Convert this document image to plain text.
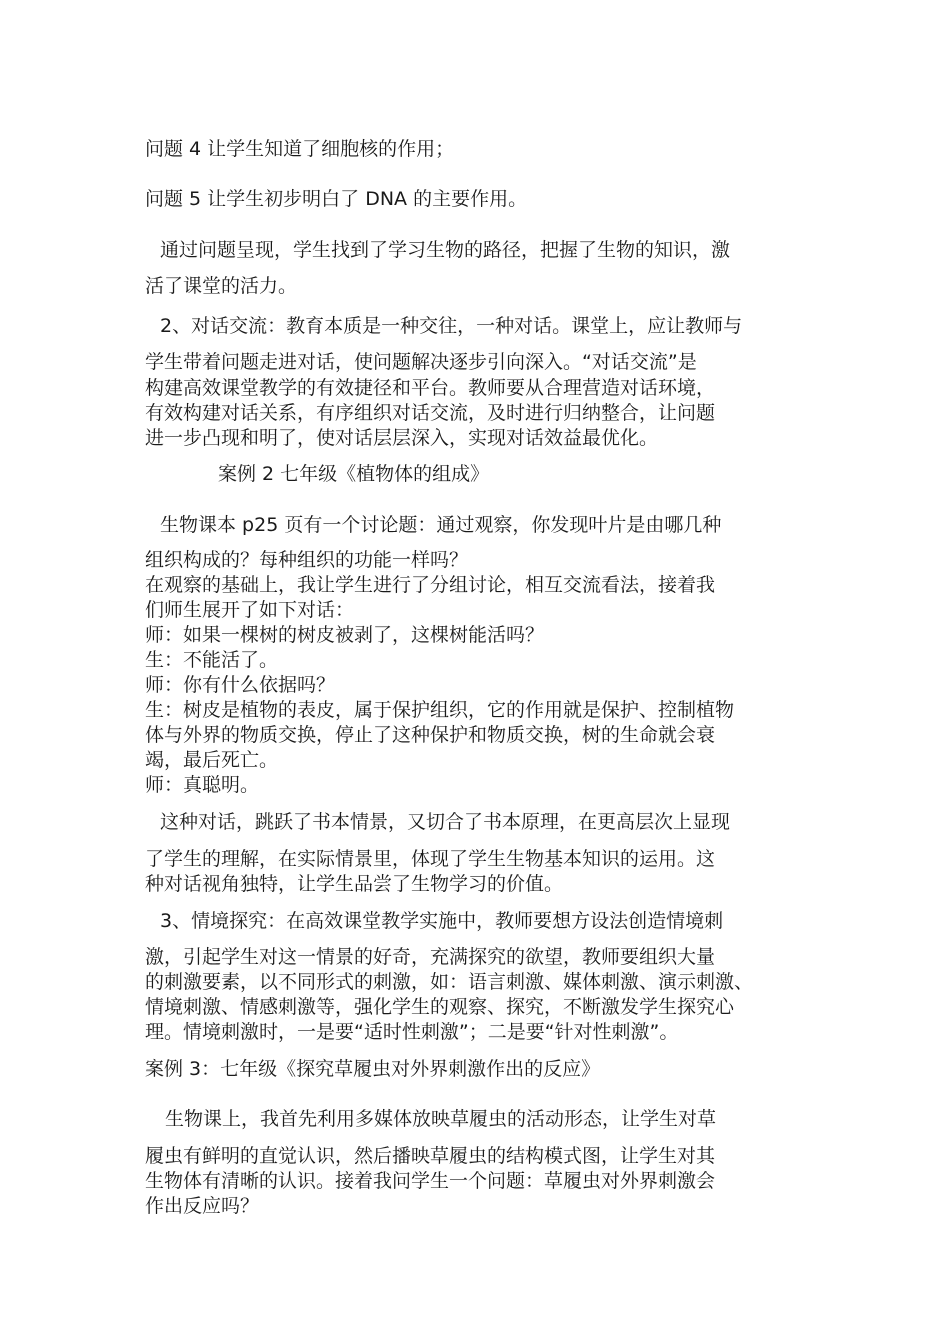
问题 4 让学生知道了细胞核的作用；
问题 5 让学生初步明白了 DNA 的主要作用。
通过问题呈现，学生找到了学习生物的路径，把握了生物的知识，激
活了课堂的活力。
2、对话交流：教育本质是一种交往，一种对话。课堂上，应让教师与
学生带着问题走进对话，使问题解决逐步引向深入。“对话交流”是
构建高效课堂教学的有效捷径和平台。教师要从合理营造对话环境，
有效构建对话关系，有序组织对话交流，及时进行归纳整合，让问题
进一步凸现和明了，使对话层层深入，实现对话效益最优化。
案例 2 七年级《植物体的组成》
生物课本 p25 页有一个讨论题：通过观察，你发现叶片是由哪几种
组织构成的？每种组织的功能一样吗？
在观察的基础上，我让学生进行了分组讨论，相互交流看法，接着我
们师生展开了如下对话：
师：如果一棵树的树皮被剥了，这棵树能活吗？
生：不能活了。
师：你有什么依据吗？
生：树皮是植物的表皮，属于保护组织，它的作用就是保护、控制植物
体与外界的物质交换，停止了这种保护和物质交换，树的生命就会衰
竭，最后死亡。
师：真聪明。
这种对话，跳跃了书本情景，又切合了书本原理，在更高层次上显现
了学生的理解，在实际情景里，体现了学生生物基本知识的运用。这
种对话视角独特，让学生品尝了生物学习的价值。
3、情境探究：在高效课堂教学实施中，教师要想方设法创造情境刺
激，引起学生对这一情景的好奇，充满探究的欲望，教师要组织大量
的刺激要素，以不同形式的刺激，如：语言刺激、媒体刺激、演示刺激、
情境刺激、情感刺激等，强化学生的观察、探究，不断激发学生探究心
理。情境刺激时，一是要“适时性刺激”；二是要“针对性刺激”。
案例 3：七年级《探究草履虫对外界刺激作出的反应》
生物课上，我首先利用多媒体放映草履虫的活动形态，让学生对草
履虫有鲜明的直觉认识，然后播映草履虫的结构模式图，让学生对其
生物体有清晰的认识。接着我问学生一个问题：草履虫对外界刺激会
作出反应吗？
